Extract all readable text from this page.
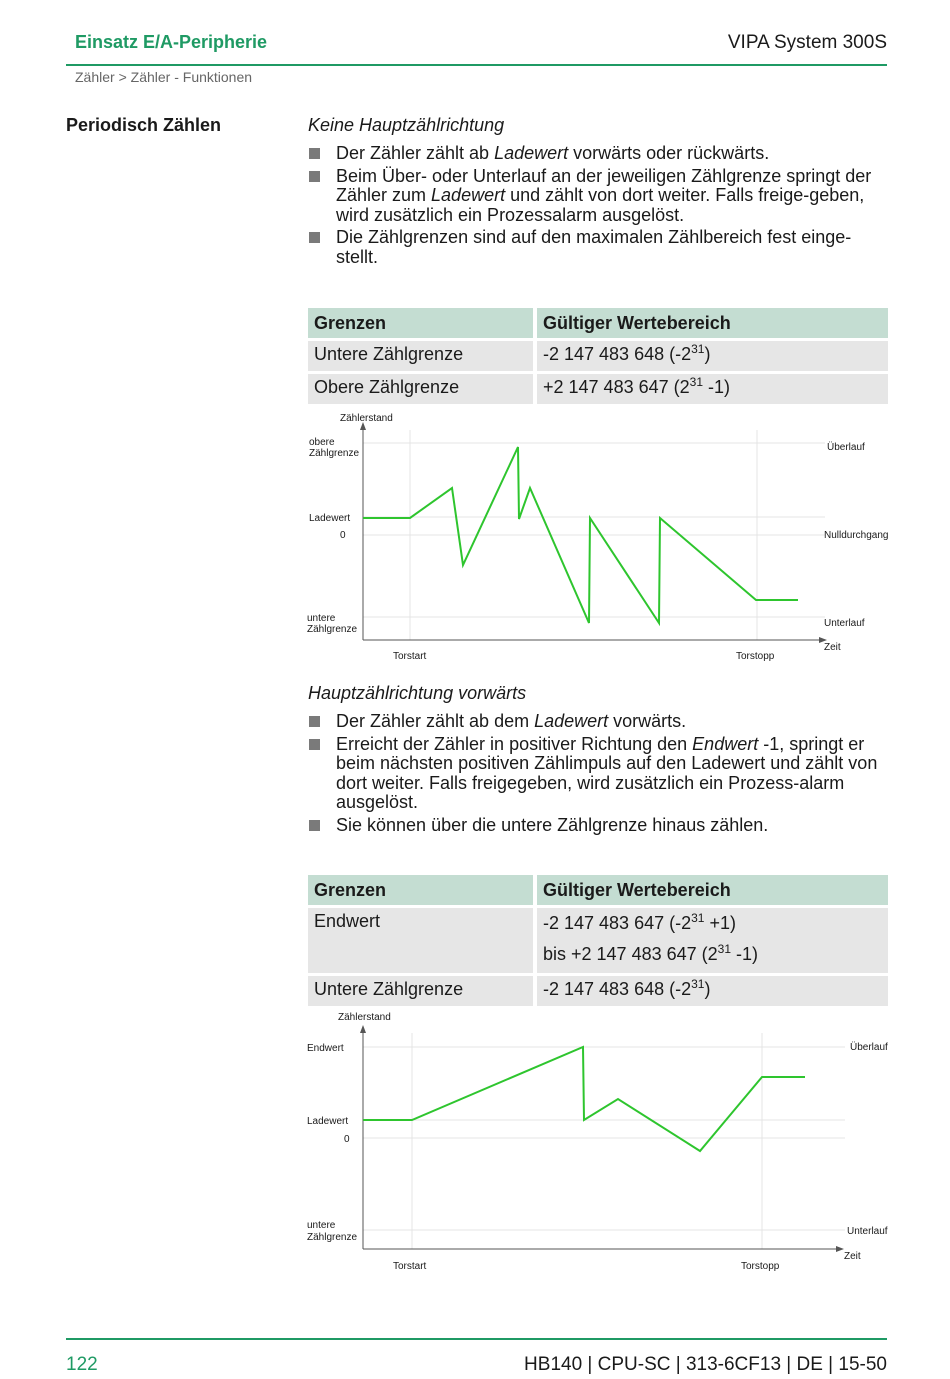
Einsatz E/A-Peripherie	VIPA System 300S
Zähler > Zähler - Funktionen
Periodisch Zählen	Keine Hauptzählrichtung

Der Zähler zählt ab Ladewert vorwärts oder rückwärts.
Beim Über- oder Unterlauf an der jeweiligen Zählgrenze springt der Zähler zum Ladewert und zählt von dort weiter. Falls freige-geben, wird zusätzlich ein Prozessalarm ausgelöst.
Die Zählgrenzen sind auf den maximalen Zählbereich fest einge-stellt.
Grenzen	Gültiger Wertebereich
Untere Zählgrenze	-2 147 483 648 $(-2^{31})$
Obere Zählgrenze	+2 147 483 647 ($2^{31}$ -1)
Zählerstand
obere
Zählgrenze
Ladewert
0
untere
Zählgrenze
Überlauf
Nulldurchgang
Unterlauf
Zeit
Torstart	Torstopp

Hauptzählrichtung vorwärts

Der Zähler zählt ab dem Ladewert vorwärts.
Erreicht der Zähler in positiver Richtung den Endwert -1, springt er beim nächsten positiven Zählimpuls auf den Ladewert und zählt von dort weiter. Falls freigegeben, wird zusätzlich ein Prozess-alarm ausgelöst.
Sie können über die untere Zählgrenze hinaus zählen.
Grenzen	Gültiger Wertebereich
Endwert	-2 147 483 647 $(-2^{31} +1)$
bis +2 147 483 647 ($2^{31}$ -1)

Untere Zählgrenze	-2 147 483 648 $(-2^{31})$
Zählerstand
Endwert
Ladewert
0
untere
Zählgrenze
Überlauf
Unterlauf
Zeit
Torstart	Torstopp
122	HB140 | CPU-SC | 313-6CF13 | DE | 15-50
